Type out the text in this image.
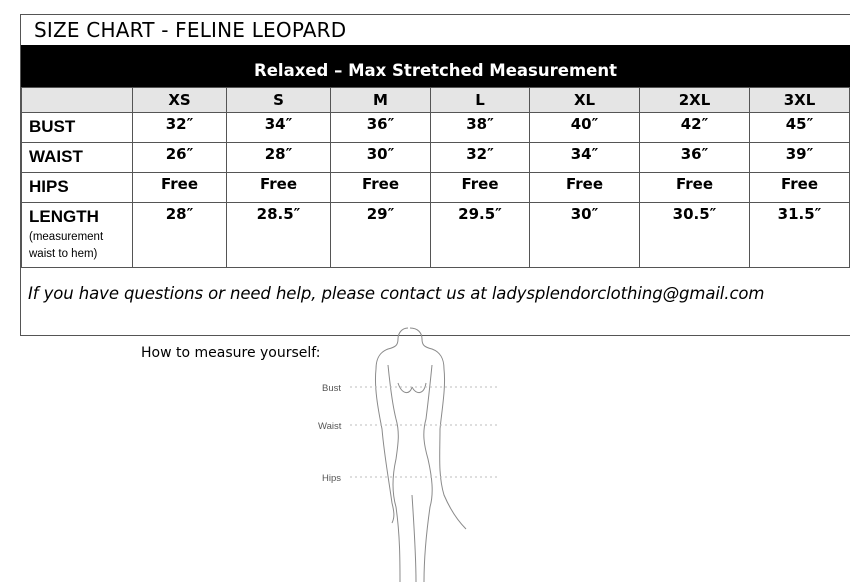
SIZE CHART - FELINE LEOPARD
Relaxed – Max Stretched Measurement
	XS	S	M	L	XL	2XL	3XL
BUST	32″	34″	36″	38″	40″	42″	45″
WAIST	26″	28″	30″	32″	34″	36″	39″
HIPS	Free	Free	Free	Free	Free	Free	Free
LENGTH
(measurement waist to hem)	28″	28.5″	29″	29.5″	30″	30.5″	31.5″
If you have questions or need help, please contact us at ladysplendorclothing@gmail.com
How to measure yourself:
Bust
Waist
Hips
